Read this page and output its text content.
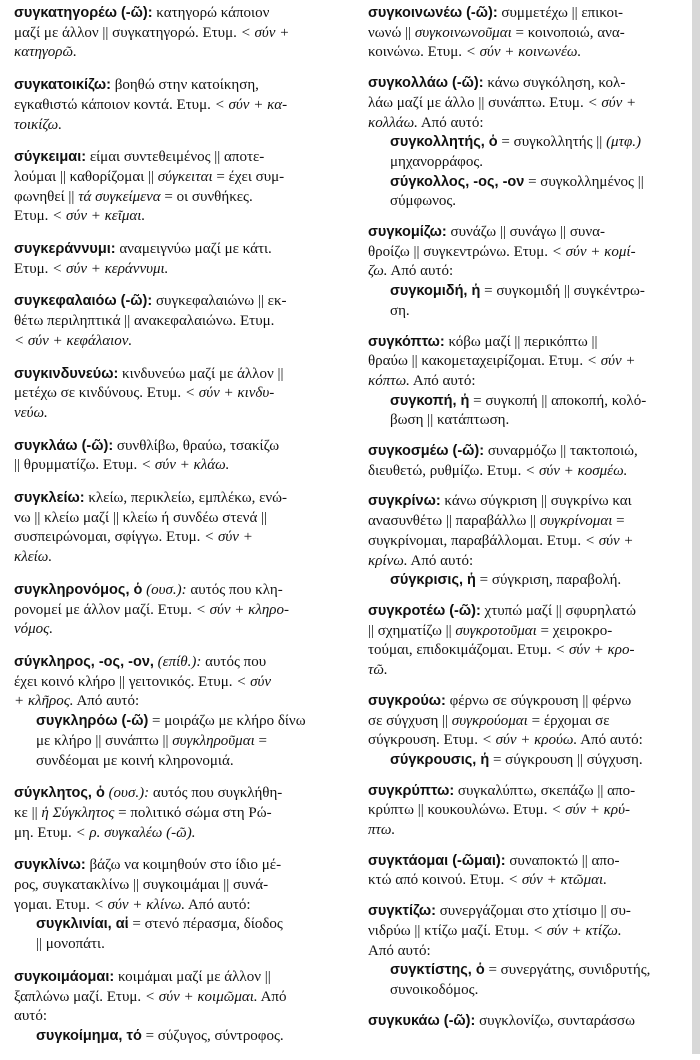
συγκατηγορέω (-ῶ): κατηγορώ κάποιον
μαζί με άλλον || συγκατηγορώ. Ετυμ. < σύν +
κατηγορῶ.
συγκατοικίζω: βοηθώ στην κατοίκηση,
εγκαθιστώ κάποιον κοντά. Ετυμ. < σύν + κα-
τοικίζω.
σύγκειμαι: είμαι συντεθειμένος || αποτε-
λούμαι || καθορίζομαι || σύγκειται = έχει συμ-
φωνηθεί || τά συγκείμενα = οι συνθήκες.
Ετυμ. < σύν + κεῖμαι.
συγκεράννυμι: αναμειγνύω μαζί με κάτι.
Ετυμ. < σύν + κεράννυμι.
συγκεφαλαιόω (-ῶ): συγκεφαλαιώνω || εκ-
θέτω περιληπτικά || ανακεφαλαιώνω. Ετυμ.
< σύν + κεφάλαιον.
συγκινδυνεύω: κινδυνεύω μαζί με άλλον ||
μετέχω σε κινδύνους. Ετυμ. < σύν + κινδυ-
νεύω.
συγκλάω (-ῶ): συνθλίβω, θραύω, τσακίζω
|| θρυμματίζω. Ετυμ. < σύν + κλάω.
συγκλείω: κλείω, περικλείω, εμπλέκω, ενώ-
νω || κλείω μαζί || κλείω ή συνδέω στενά ||
συσπειρώνομαι, σφίγγω. Ετυμ. < σύν +
κλείω.
συγκληρονόμος, ὁ (ουσ.): αυτός που κλη-
ρονομεί με άλλον μαζί. Ετυμ. < σύν + κληρο-
νόμος.
σύγκληρος, -ος, -ον, (επίθ.): αυτός που
έχει κοινό κλήρο || γειτονικός. Ετυμ. < σύν
+ κλῆρος. Από αυτό:
συγκληρόω (-ῶ) = μοιράζω με κλήρο δίνω
με κλήρο || συνάπτω || συγκληροῦμαι =
συνδέομαι με κοινή κληρονομιά.
σύγκλητος, ὁ (ουσ.): αυτός που συγκλήθη-
κε || ἡ Σύγκλητος = πολιτικό σώμα στη Ρώ-
μη. Ετυμ. < ρ. συγκαλέω (-ῶ).
συγκλίνω: βάζω να κοιμηθούν στο ίδιο μέ-
ρος, συγκατακλίνω || συγκοιμάμαι || συνά-
γομαι. Ετυμ. < σύν + κλίνω. Από αυτό:
συγκλινίαι, αἱ = στενό πέρασμα, δίοδος
|| μονοπάτι.
συγκοιμάομαι: κοιμάμαι μαζί με άλλον ||
ξαπλώνω μαζί. Ετυμ. < σύν + κοιμῶμαι. Από
αυτό:
συγκοίμημα, τό = σύζυγος, σύντροφος.
συγκοινωνέω (-ῶ): συμμετέχω || επικοι-
νωνώ || συγκοινωνοῦμαι = κοινοποιώ, ανα-
κοινώνω. Ετυμ. < σύν + κοινωνέω.
συγκολλάω (-ῶ): κάνω συγκόληση, κολ-
λάω μαζί με άλλο || συνάπτω. Ετυμ. < σύν +
κολλάω. Από αυτό:
συγκολλητής, ὁ = συγκολλητής || (μτφ.)
μηχανορράφος.
σύγκολλος, -ος, -ον = συγκολλημένος ||
σύμφωνος.
συγκομίζω: συνάζω || συνάγω || συνα-
θροίζω || συγκεντρώνω. Ετυμ. < σύν + κομί-
ζω. Από αυτό:
συγκομιδή, ἡ = συγκομιδή || συγκέντρω-
ση.
συγκόπτω: κόβω μαζί || περικόπτω ||
θραύω || κακομεταχειρίζομαι. Ετυμ. < σύν +
κόπτω. Από αυτό:
συγκοπή, ἡ = συγκοπή || αποκοπή, κολό-
βωση || κατάπτωση.
συγκοσμέω (-ῶ): συναρμόζω || τακτοποιώ,
διευθετώ, ρυθμίζω. Ετυμ. < σύν + κοσμέω.
συγκρίνω: κάνω σύγκριση || συγκρίνω και
ανασυνθέτω || παραβάλλω || συγκρίνομαι =
συγκρίνομαι, παραβάλλομαι. Ετυμ. < σύν +
κρίνω. Από αυτό:
σύγκρισις, ἡ = σύγκριση, παραβολή.
συγκροτέω (-ῶ): χτυπώ μαζί || σφυρηλατώ
|| σχηματίζω || συγκροτοῦμαι = χειροκρο-
τούμαι, επιδοκιμάζομαι. Ετυμ. < σύν + κρο-
τῶ.
συγκρούω: φέρνω σε σύγκρουση || φέρνω
σε σύγχυση || συγκρούομαι = έρχομαι σε
σύγκρουση. Ετυμ. < σύν + κρούω. Από αυτό:
σύγκρουσις, ἡ = σύγκρουση || σύγχυση.
συγκρύπτω: συγκαλύπτω, σκεπάζω || απο-
κρύπτω || κουκουλώνω. Ετυμ. < σύν + κρύ-
πτω.
συγκτάομαι (-ῶμαι): συναποκτώ || απο-
κτώ από κοινού. Ετυμ. < σύν + κτῶμαι.
συγκτίζω: συνεργάζομαι στο χτίσιμο || συ-
νιδρύω || κτίζω μαζί. Ετυμ. < σύν + κτίζω.
Από αυτό:
συγκτίστης, ὁ = συνεργάτης, συνιδρυτής,
συνοικοδόμος.
συγκυκάω (-ῶ): συγκλονίζω, συνταράσσω
